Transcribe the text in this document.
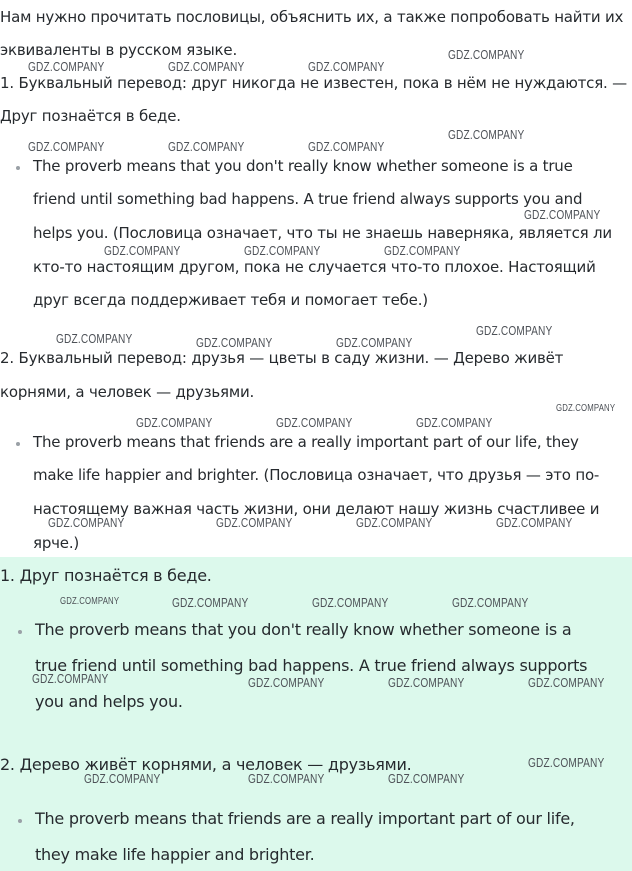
Нам нужно прочитать пословицы, объяснить их, а также попробовать найти их

эквиваленты в русском языке.

1. Буквальный перевод: друг никогда не известен, пока в нём не нуждаются. —

Друг познаётся в беде.

The proverb means that you don't really know whether someone is a true

friend until something bad happens. A true friend always supports you and

helps you. (Пословица означает, что ты не знаешь наверняка, является ли

кто-то настоящим другом, пока не случается что-то плохое. Настоящий

друг всегда поддерживает тебя и помогает тебе.)

2. Буквальный перевод: друзья — цветы в саду жизни. — Дерево живёт

корнями, а человек — друзьями.

The proverb means that friends are a really important part of our life, they

make life happier and brighter. (Пословица означает, что друзья — это по-

настоящему важная часть жизни, они делают нашу жизнь счастливее и

ярче.)

1. Друг познаётся в беде.

The proverb means that you don't really know whether someone is a

true friend until something bad happens. A true friend always supports

you and helps you.

2. Дерево живёт корнями, а человек — друзьями.

The proverb means that friends are a really important part of our life,

they make life happier and brighter.

GDZ.COMPANY
GDZ.COMPANY	GDZ.COMPANY	GDZ.COMPANY
GDZ.COMPANY
GDZ.COMPANY	GDZ.COMPANY	GDZ.COMPANY
GDZ.COMPANY
GDZ.COMPANY	GDZ.COMPANY	GDZ.COMPANY
GDZ.COMPANY
GDZ.COMPANY	GDZ.COMPANY	GDZ.COMPANY
GDZ.COMPANY
GDZ.COMPANY	GDZ.COMPANY	GDZ.COMPANY
GDZ.COMPANY	GDZ.COMPANY	GDZ.COMPANY	GDZ.COMPANY
GDZ.COMPANY	GDZ.COMPANY	GDZ.COMPANY	GDZ.COMPANY
GDZ.COMPANY	GDZ.COMPANY	GDZ.COMPANY	GDZ.COMPANY
GDZ.COMPANY
GDZ.COMPANY	GDZ.COMPANY	GDZ.COMPANY
